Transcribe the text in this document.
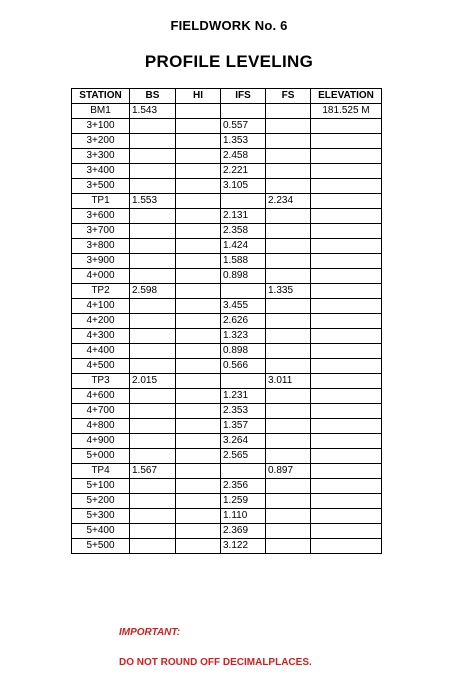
FIELDWORK No. 6
PROFILE LEVELING
STATION	BS	HI	IFS	FS	ELEVATION
BM1	1.543				181.525 M
3+100			0.557		
3+200			1.353		
3+300			2.458		
3+400			2.221		
3+500			3.105		
TP1	1.553			2.234	
3+600			2.131		
3+700			2.358		
3+800			1.424		
3+900			1.588		
4+000			0.898		
TP2	2.598			1.335	
4+100			3.455		
4+200			2.626		
4+300			1.323		
4+400			0.898		
4+500			0.566		
TP3	2.015			3.011	
4+600			1.231		
4+700			2.353		
4+800			1.357		
4+900			3.264		
5+000			2.565		
TP4	1.567			0.897	
5+100			2.356		
5+200			1.259		
5+300			1.110		
5+400			2.369		
5+500			3.122		
IMPORTANT:
DO NOT ROUND OFF DECIMALPLACES.
